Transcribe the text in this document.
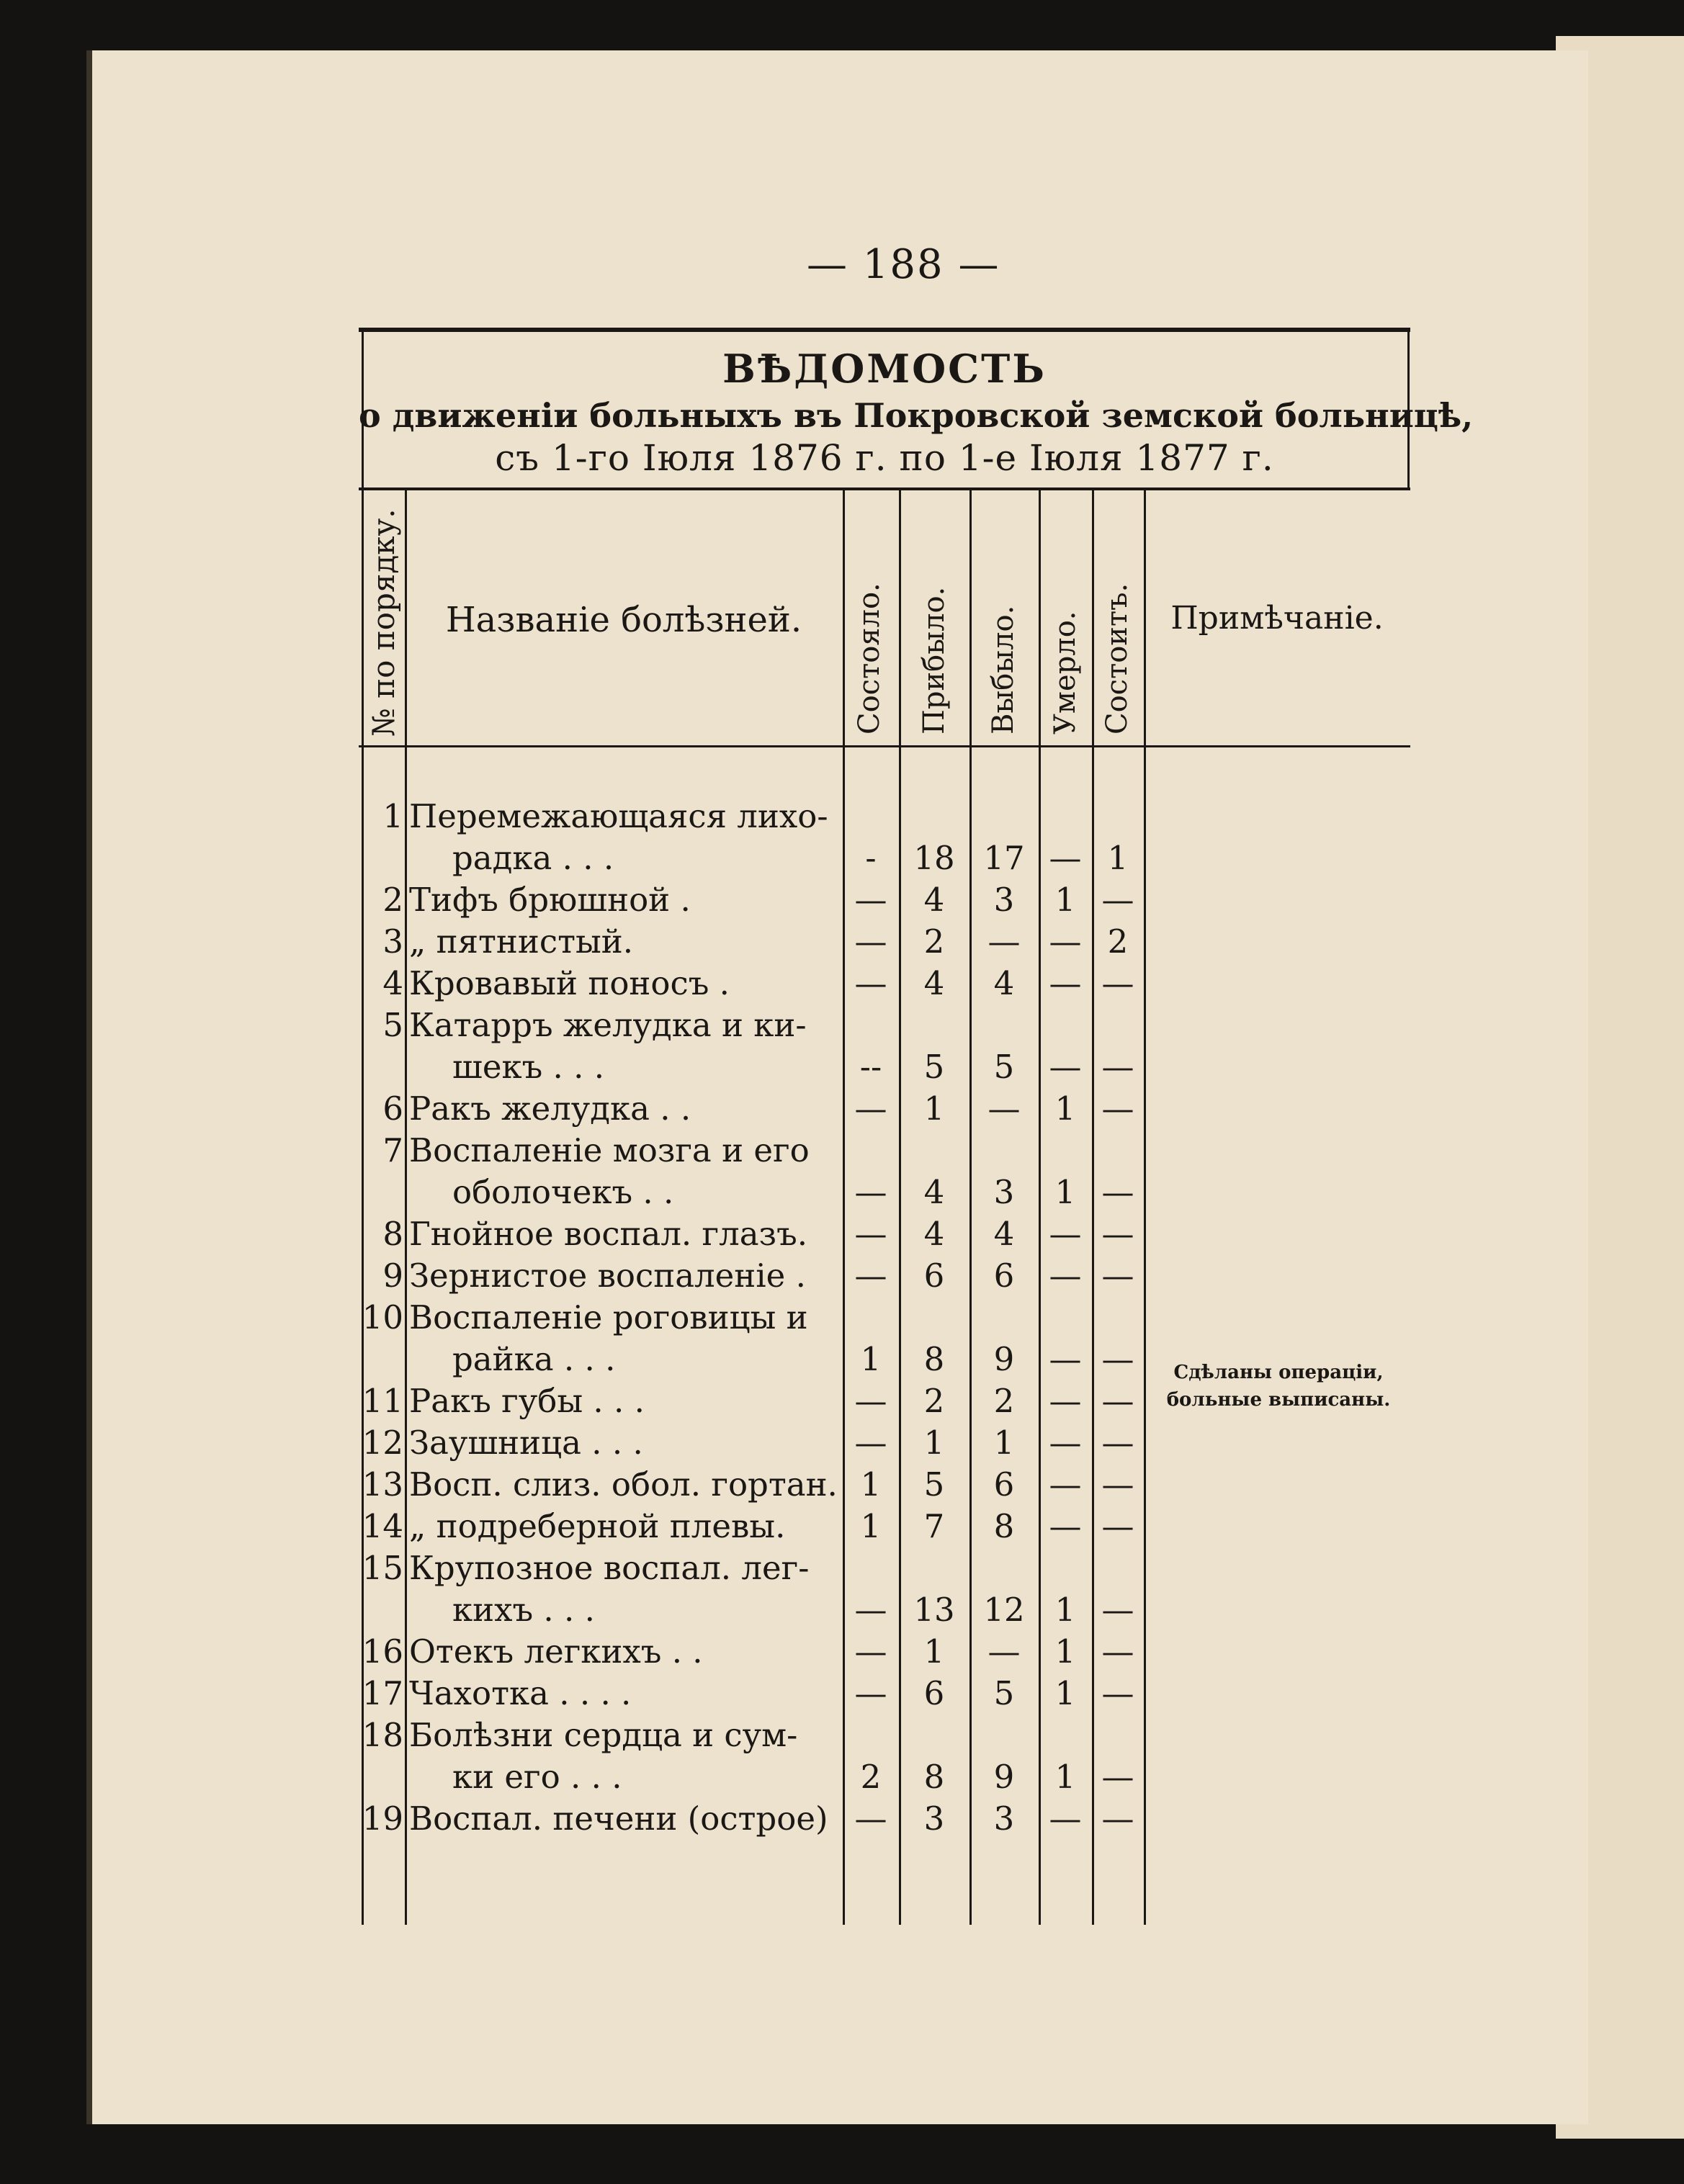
— 188 —
ВѢДОМОСТЬ
о движеніи больныхъ въ Покровской земской больницѣ,
съ 1-го Іюля 1876 г. по 1-е Іюля 1877 г.
№ по порядку.	Названіе болѣзней.	Состояло. Прибыло. Выбыло. Умерло. Состоитъ.	Примѣчаніе.
Сдѣланы операціи,
больные выписаны.
1 Перемежающаяся лихо-
радка . . .	-	18 17 — 1
2 Тифъ брюшной .	—	4	3	1 —
3 „ пятнистый.	—	2	— — 2
4 Кровавый поносъ .	—	4	4	— —
5 Катарръ желудка и ки-
шекъ . . .	--	5	5	— —
6 Ракъ желудка . .	—	1	—	1 —
7 Воспаленіе мозга и его
оболочекъ . .	—	4	3	1 —
8 Гнойное воспал. глазъ.	—	4	4	— —
9 Зернистое воспаленіе .	—	6	6	— —
10 Воспаленіе роговицы и
райка . . .	1	8	9	— —
11 Ракъ губы . . .	—	2	2	— —
12 Заушница . . .	—	1	1	— —
13 Восп. слиз. обол. гортан. 1	5	6	— —
14 „ подреберной плевы.	1	7	8	— —
15 Крупозное воспал. лег-
кихъ . . .	— 13 12 1 —
16 Отекъ легкихъ . .	—	1	—	1 —
17 Чахотка . . . .	—	6	5	1 —
18 Болѣзни сердца и сум-
ки его . . .	2	8	9	1 —
19 Воспал. печени (острое) —	3	3	— —
